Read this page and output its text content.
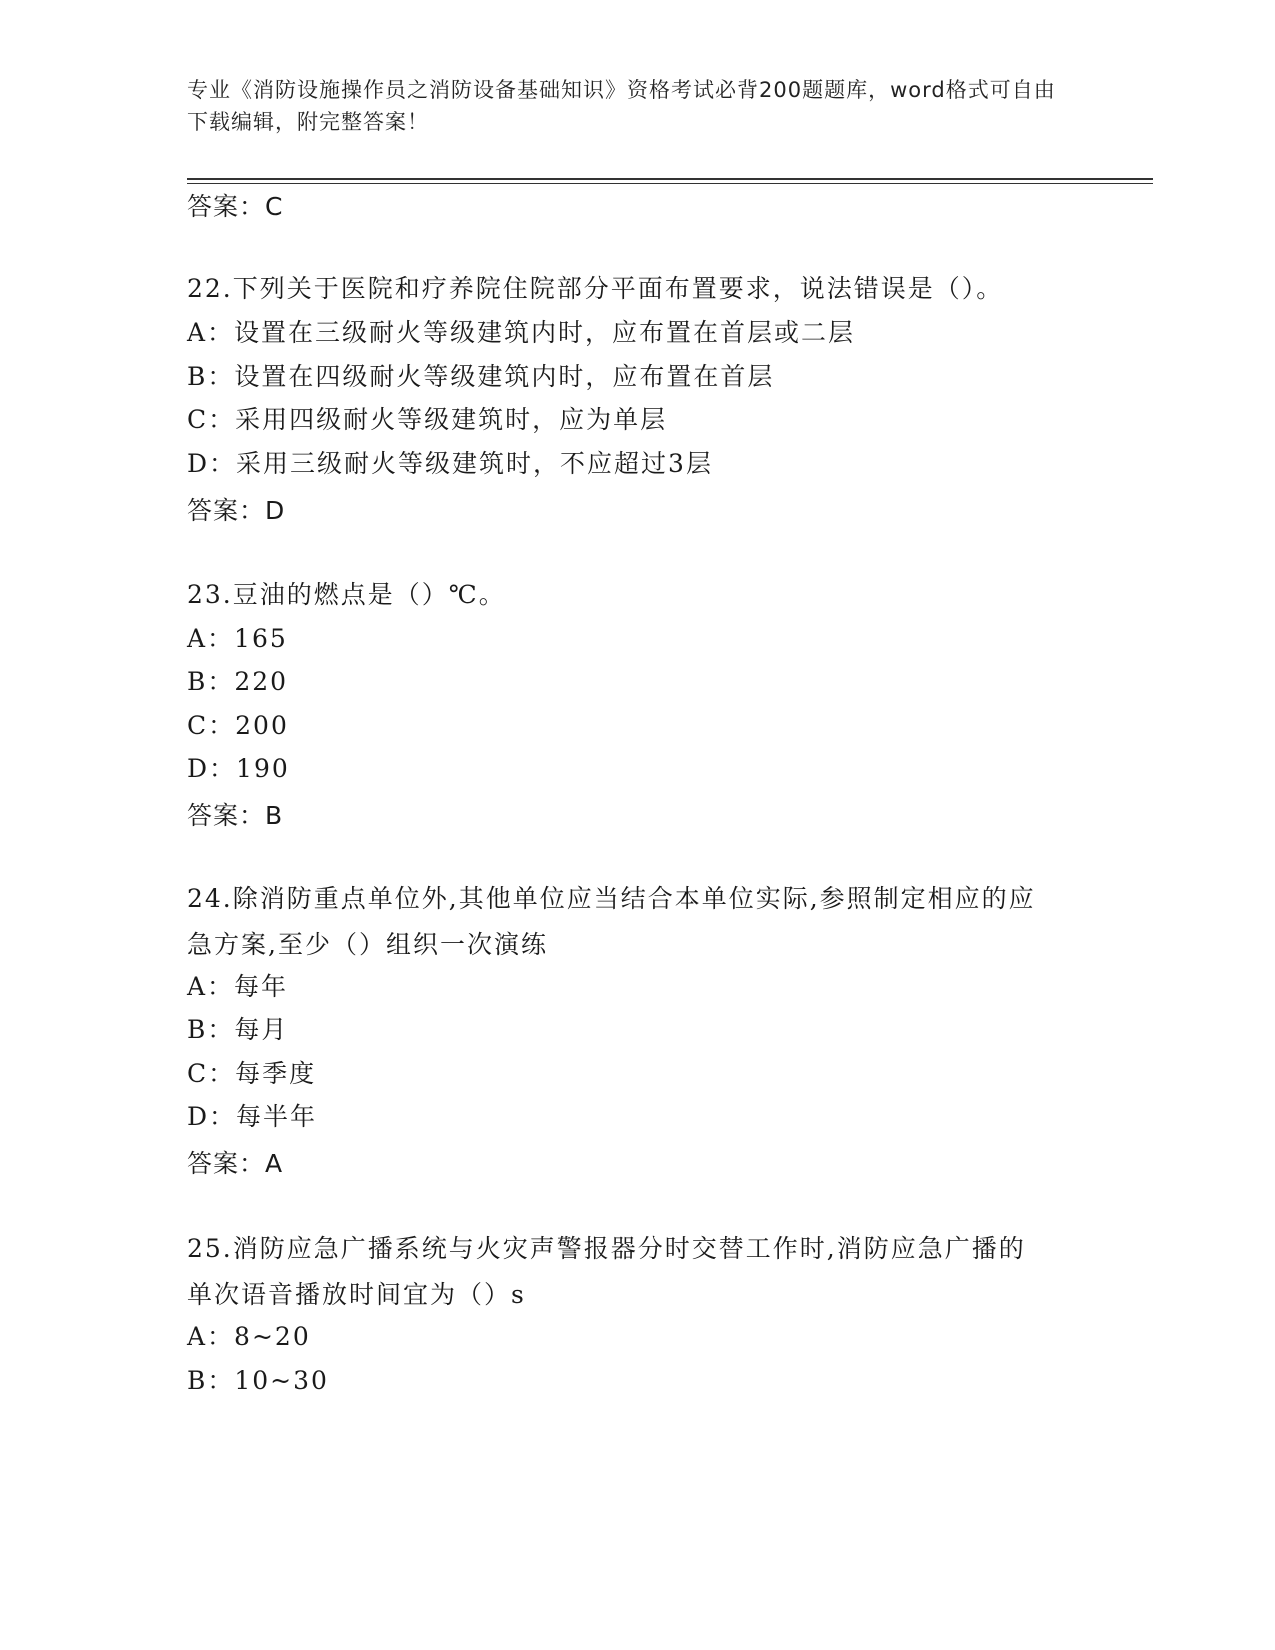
专业《消防设施操作员之消防设备基础知识》资格考试必背200题题库，word格式可自由下载编辑，附完整答案！
答案：C
22.下列关于医院和疗养院住院部分平面布置要求，说法错误是（）。
A：设置在三级耐火等级建筑内时，应布置在首层或二层
B：设置在四级耐火等级建筑内时，应布置在首层
C：采用四级耐火等级建筑时，应为单层
D：采用三级耐火等级建筑时，不应超过3层
答案：D
23.豆油的燃点是（）℃。
A：165
B：220
C：200
D：190
答案：B
24.除消防重点单位外,其他单位应当结合本单位实际,参照制定相应的应急方案,至少（）组织一次演练
A：每年
B：每月
C：每季度
D：每半年
答案：A
25.消防应急广播系统与火灾声警报器分时交替工作时,消防应急广播的单次语音播放时间宜为（）s
A：8~20
B：10~30
